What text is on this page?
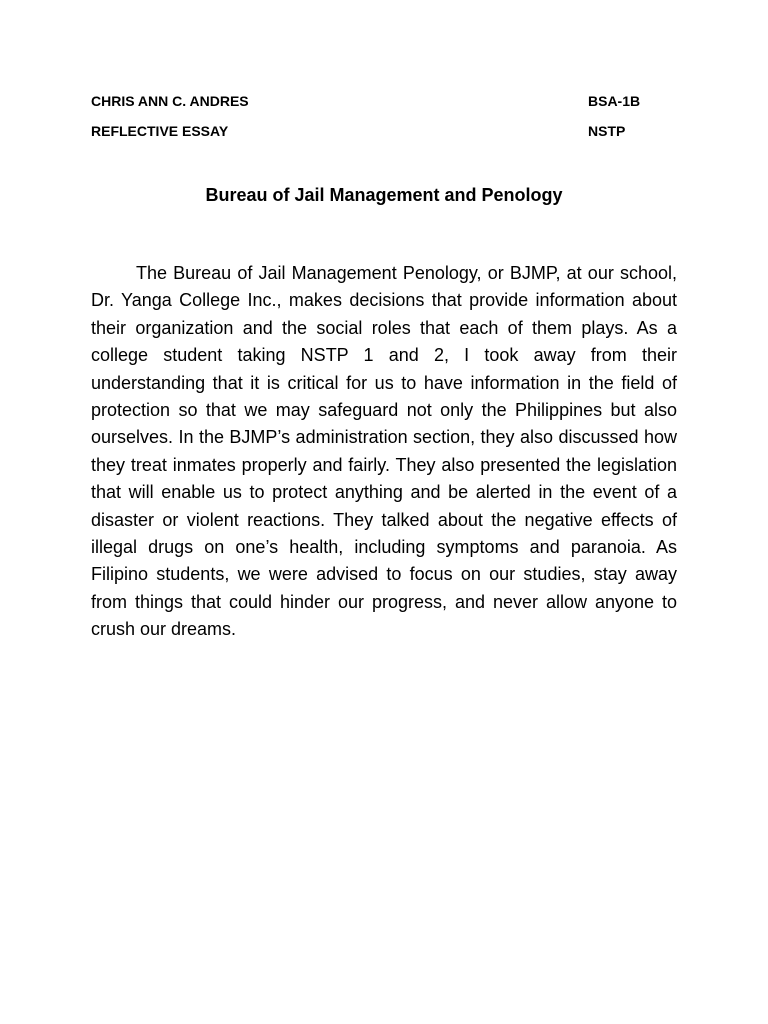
CHRIS ANN C. ANDRES	BSA-1B
REFLECTIVE ESSAY	NSTP
Bureau of Jail Management and Penology

The Bureau of Jail Management Penology, or BJMP, at our school, Dr. Yanga College Inc., makes decisions that provide information about their organization and the social roles that each of them plays. As a college student taking NSTP 1 and 2, I took away from their understanding that it is critical for us to have information in the field of protection so that we may safeguard not only the Philippines but also ourselves. In the BJMP’s administration section, they also discussed how they treat inmates properly and fairly. They also presented the legislation that will enable us to protect anything and be alerted in the event of a disaster or violent reactions. They talked about the negative effects of illegal drugs on one’s health, including symptoms and paranoia. As Filipino students, we were advised to focus on our studies, stay away from things that could hinder our progress, and never allow anyone to crush our dreams.
